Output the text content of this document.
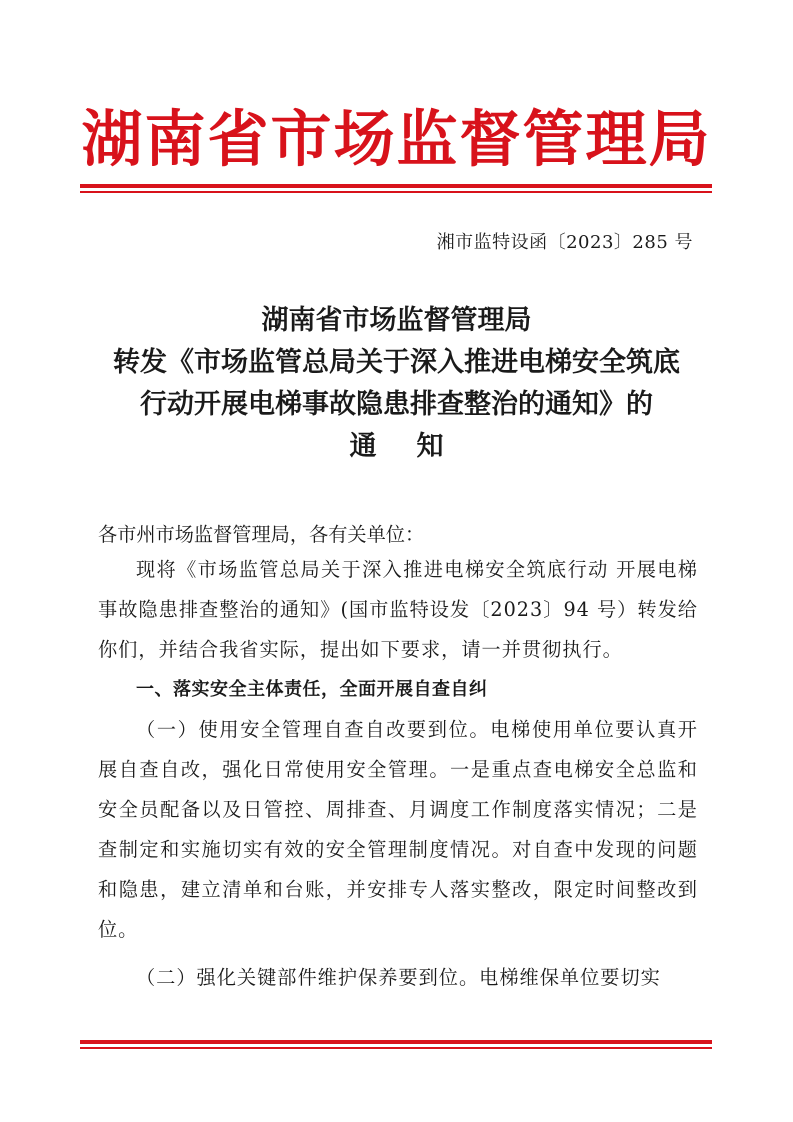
湖南省市场监督管理局
湘市监特设函〔2023〕285 号
湖南省市场监督管理局
转发《市场监管总局关于深入推进电梯安全筑底
行动开展电梯事故隐患排查整治的通知》的
通知
各市州市场监督管理局，各有关单位：

现将《市场监管总局关于深入推进电梯安全筑底行动 开展电梯事故隐患排查整治的通知》(国市监特设发〔2023〕94 号）转发给你们，并结合我省实际，提出如下要求，请一并贯彻执行。

一、落实安全主体责任，全面开展自查自纠

（一）使用安全管理自查自改要到位。电梯使用单位要认真开展自查自改，强化日常使用安全管理。一是重点查电梯安全总监和安全员配备以及日管控、周排查、月调度工作制度落实情况；二是查制定和实施切实有效的安全管理制度情况。对自查中发现的问题和隐患，建立清单和台账，并安排专人落实整改，限定时间整改到位。

（二）强化关键部件维护保养要到位。电梯维保单位要切实
